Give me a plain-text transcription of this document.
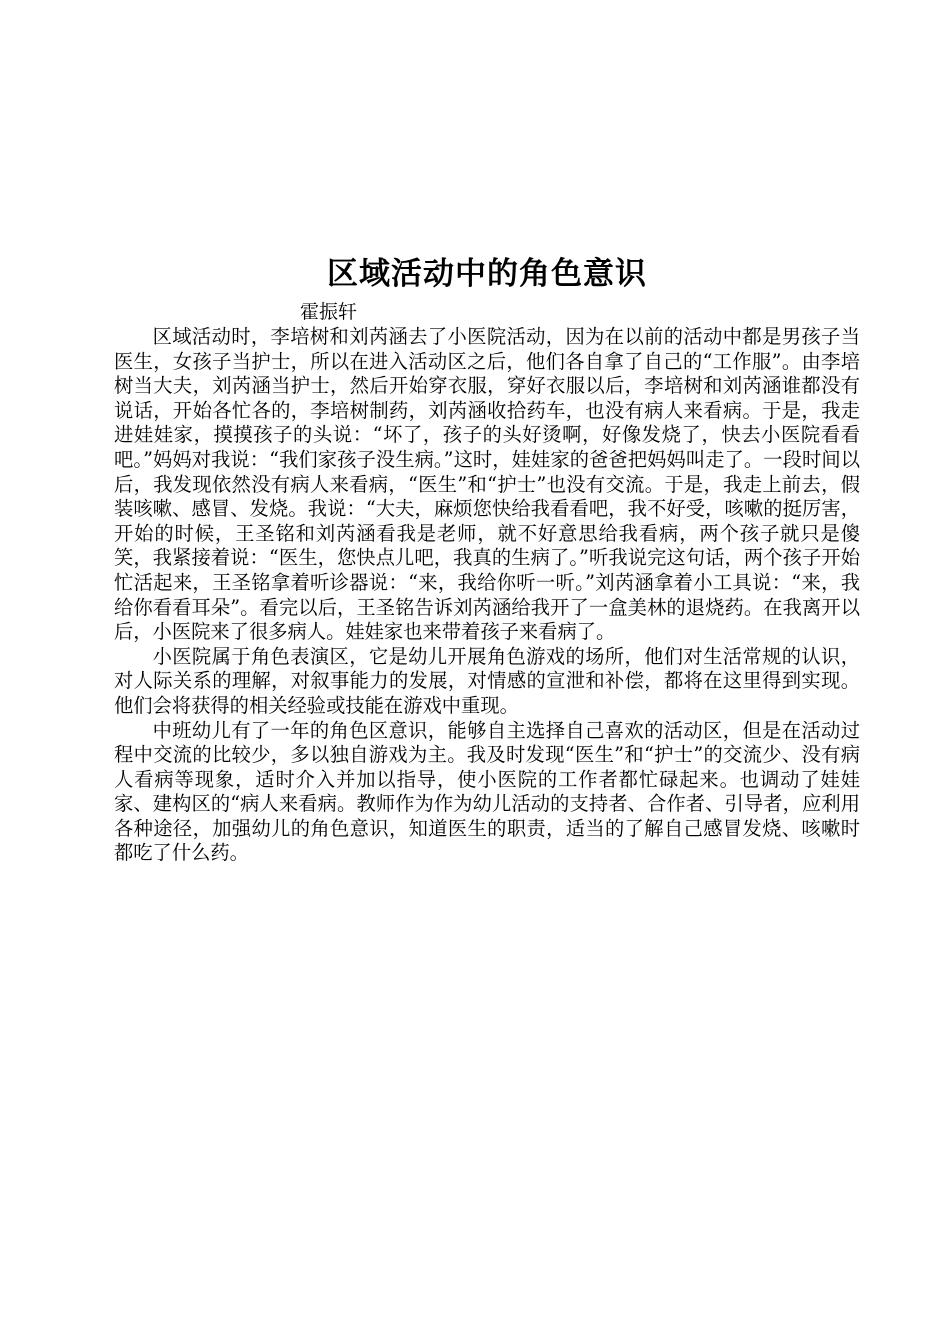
区域活动中的角色意识

霍振轩

区域活动时，李培树和刘芮涵去了小医院活动，因为在以前的活动中都是男孩子当医生，女孩子当护士，所以在进入活动区之后，他们各自拿了自己的“工作服”。由李培树当大夫，刘芮涵当护士，然后开始穿衣服，穿好衣服以后，李培树和刘芮涵谁都没有说话，开始各忙各的，李培树制药，刘芮涵收拾药车，也没有病人来看病。于是，我走进娃娃家，摸摸孩子的头说：“坏了，孩子的头好烫啊，好像发烧了，快去小医院看看吧。”妈妈对我说：“我们家孩子没生病。”这时，娃娃家的爸爸把妈妈叫走了。一段时间以后，我发现依然没有病人来看病，“医生”和“护士”也没有交流。于是，我走上前去，假装咳嗽、感冒、发烧。我说：“大夫，麻烦您快给我看看吧，我不好受，咳嗽的挺厉害，开始的时候，王圣铭和刘芮涵看我是老师，就不好意思给我看病，两个孩子就只是傻笑，我紧接着说：“医生，您快点儿吧，我真的生病了。”听我说完这句话，两个孩子开始忙活起来，王圣铭拿着听诊器说：“来，我给你听一听。”刘芮涵拿着小工具说：“来，我给你看看耳朵”。看完以后，王圣铭告诉刘芮涵给我开了一盒美林的退烧药。在我离开以后，小医院来了很多病人。娃娃家也来带着孩子来看病了。

小医院属于角色表演区，它是幼儿开展角色游戏的场所，他们对生活常规的认识，对人际关系的理解，对叙事能力的发展，对情感的宣泄和补偿，都将在这里得到实现。他们会将获得的相关经验或技能在游戏中重现。

中班幼儿有了一年的角色区意识，能够自主选择自己喜欢的活动区，但是在活动过程中交流的比较少，多以独自游戏为主。我及时发现“医生”和“护士”的交流少、没有病人看病等现象，适时介入并加以指导，使小医院的工作者都忙碌起来。也调动了娃娃家、建构区的“病人来看病。教师作为作为幼儿活动的支持者、合作者、引导者，应利用各种途径，加强幼儿的角色意识，知道医生的职责，适当的了解自己感冒发烧、咳嗽时都吃了什么药。
